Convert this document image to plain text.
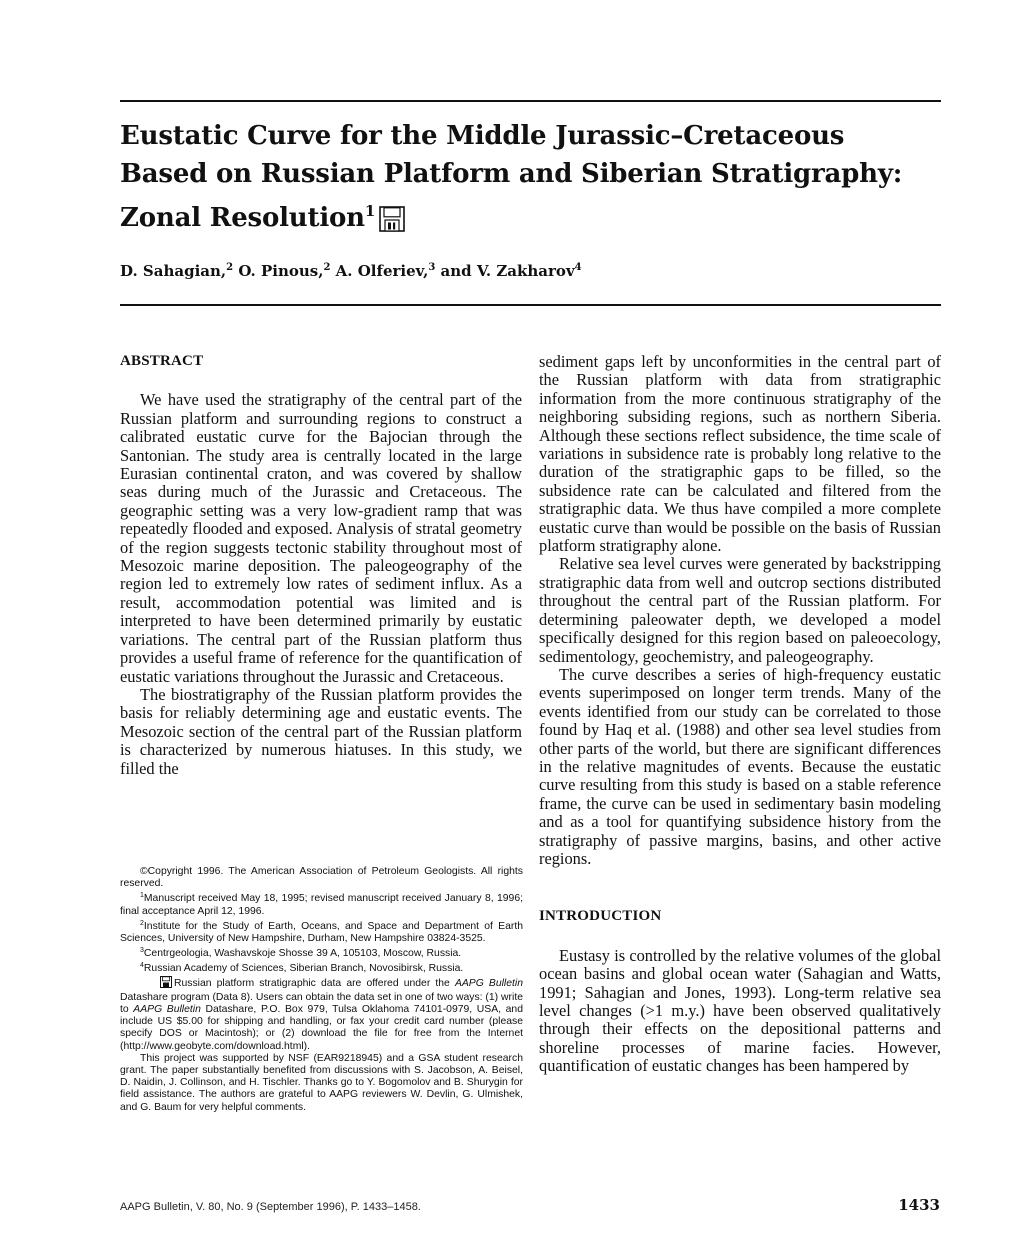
Eustatic Curve for the Middle Jurassic–Cretaceous
Based on Russian Platform and Siberian Stratigraphy:
Zonal Resolution$^1$
D. Sahagian,$^2$ O. Pinous,$^2$ A. Olferiev,$^3$ and V. Zakharov$^4$
ABSTRACT

We have used the stratigraphy of the central part of the Russian platform and surrounding regions to construct a calibrated eustatic curve for the Bajocian through the Santonian. The study area is centrally located in the large Eurasian continental craton, and was covered by shallow seas during much of the Jurassic and Cretaceous. The geographic setting was a very low-gradient ramp that was repeatedly flooded and exposed. Analysis of stratal geometry of the region suggests tectonic stability throughout most of Mesozoic marine deposition. The paleogeography of the region led to extremely low rates of sediment influx. As a result, accommodation potential was limited and is interpreted to have been determined primarily by eustatic variations. The central part of the Russian platform thus provides a useful frame of reference for the quantification of eustatic variations throughout the Jurassic and Cretaceous.

The biostratigraphy of the Russian platform provides the basis for reliably determining age and eustatic events. The Mesozoic section of the central part of the Russian platform is characterized by numerous hiatuses. In this study, we filled the

©Copyright 1996. The American Association of Petroleum Geologists. All rights reserved.

$^1$Manuscript received May 18, 1995; revised manuscript received January 8, 1996; final acceptance April 12, 1996.

$^2$Institute for the Study of Earth, Oceans, and Space and Department of Earth Sciences, University of New Hampshire, Durham, New Hampshire 03824-3525.

$^3$Centrgeologia, Washavskoje Shosse 39 A, 105103, Moscow, Russia.

$^4$Russian Academy of Sciences, Siberian Branch, Novosibirsk, Russia.

Russian platform stratigraphic data are offered under the AAPG Bulletin Datashare program (Data 8). Users can obtain the data set in one of two ways: (1) write to AAPG Bulletin Datashare, P.O. Box 979, Tulsa Oklahoma 74101-0979, USA, and include US $5.00 for shipping and handling, or fax your credit card number (please specify DOS or Macintosh); or (2) download the file for free from the Internet (http://www.geobyte.com/download.html).

This project was supported by NSF (EAR9218945) and a GSA student research grant. The paper substantially benefited from discussions with S. Jacobson, A. Beisel, D. Naidin, J. Collinson, and H. Tischler. Thanks go to Y. Bogomolov and B. Shurygin for field assistance. The authors are grateful to AAPG reviewers W. Devlin, G. Ulmishek, and G. Baum for very helpful comments.

sediment gaps left by unconformities in the central part of the Russian platform with data from stratigraphic information from the more continuous stratigraphy of the neighboring subsiding regions, such as northern Siberia. Although these sections reflect subsidence, the time scale of variations in subsidence rate is probably long relative to the duration of the stratigraphic gaps to be filled, so the subsidence rate can be calculated and filtered from the stratigraphic data. We thus have compiled a more complete eustatic curve than would be possible on the basis of Russian platform stratigraphy alone.

Relative sea level curves were generated by backstripping stratigraphic data from well and outcrop sections distributed throughout the central part of the Russian platform. For determining paleowater depth, we developed a model specifically designed for this region based on paleoecology, sedimentology, geochemistry, and paleogeography.

The curve describes a series of high-frequency eustatic events superimposed on longer term trends. Many of the events identified from our study can be correlated to those found by Haq et al. (1988) and other sea level studies from other parts of the world, but there are significant differences in the relative magnitudes of events. Because the eustatic curve resulting from this study is based on a stable reference frame, the curve can be used in sedimentary basin modeling and as a tool for quantifying subsidence history from the stratigraphy of passive margins, basins, and other active regions.

INTRODUCTION

Eustasy is controlled by the relative volumes of the global ocean basins and global ocean water (Sahagian and Watts, 1991; Sahagian and Jones, 1993). Long-term relative sea level changes (>1 m.y.) have been observed qualitatively through their effects on the depositional patterns and shoreline processes of marine facies. However, quantification of eustatic changes has been hampered by

AAPG Bulletin, V. 80, No. 9 (September 1996), P. 1433–1458.	1433
